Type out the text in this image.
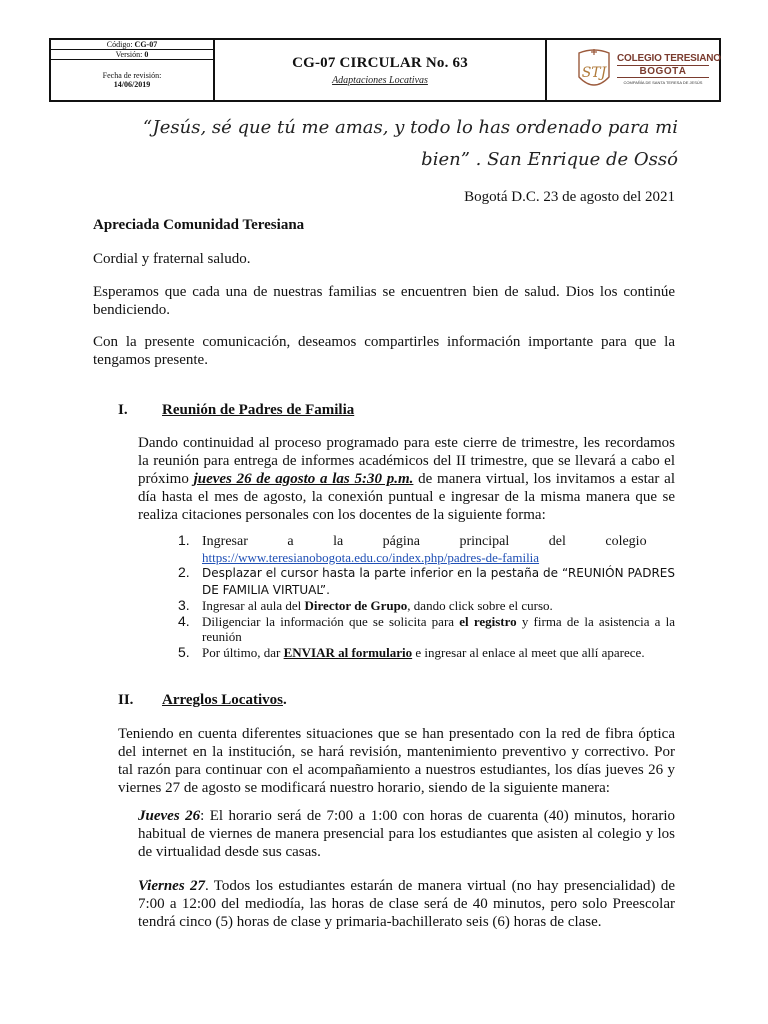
Código: CG-07
Versión: 0
Fecha de revisión:
14/06/2019
CG-07 CIRCULAR No. 63
Adaptaciones Locativas	STJ
COLEGIO TERESIANO
BOGOTÁ
COMPAÑÍA DE SANTA TERESA DE JESÚS
“Jesús, sé que tú me amas, y todo lo has ordenado para mi bien” . San Enrique de Ossó
Bogotá D.C. 23 de agosto del 2021
Apreciada Comunidad Teresiana
Cordial y fraternal saludo.
Esperamos que cada una de nuestras familias se encuentren bien de salud. Dios los continúe bendiciendo.
Con la presente comunicación, deseamos compartirles información importante para que la tengamos presente.
I. Reunión de Padres de Familia
Dando continuidad al proceso programado para este cierre de trimestre, les recordamos la reunión para entrega de informes académicos del II trimestre, que se llevará a cabo el próximo jueves 26 de agosto a las 5:30 p.m. de manera virtual, los invitamos a estar al día hasta el mes de agosto, la conexión puntual e ingresar de la misma manera que se realiza citaciones personales con los docentes de la siguiente forma:
1. Ingresar a la página principal del colegio
https://www.teresianobogota.edu.co/index.php/padres-de-familia
2. Desplazar el cursor hasta la parte inferior en la pestaña de “REUNIÓN PADRES DE FAMILIA VIRTUAL”.
3. Ingresar al aula del Director de Grupo, dando click sobre el curso.
4. Diligenciar la información que se solicita para el registro y firma de la asistencia a la reunión
5. Por último, dar ENVIAR al formulario e ingresar al enlace al meet que allí aparece.
II. Arreglos Locativos.
Teniendo en cuenta diferentes situaciones que se han presentado con la red de fibra óptica del internet en la institución, se hará revisión, mantenimiento preventivo y correctivo. Por tal razón para continuar con el acompañamiento a nuestros estudiantes, los días jueves 26 y viernes 27 de agosto se modificará nuestro horario, siendo de la siguiente manera:
Jueves 26: El horario será de 7:00 a 1:00 con horas de cuarenta (40) minutos, horario habitual de viernes de manera presencial para los estudiantes que asisten al colegio y los de virtualidad desde sus casas.
Viernes 27. Todos los estudiantes estarán de manera virtual (no hay presencialidad) de 7:00 a 12:00 del mediodía, las horas de clase será de 40 minutos, pero solo Preescolar tendrá cinco (5) horas de clase y primaria-bachillerato seis (6) horas de clase.
